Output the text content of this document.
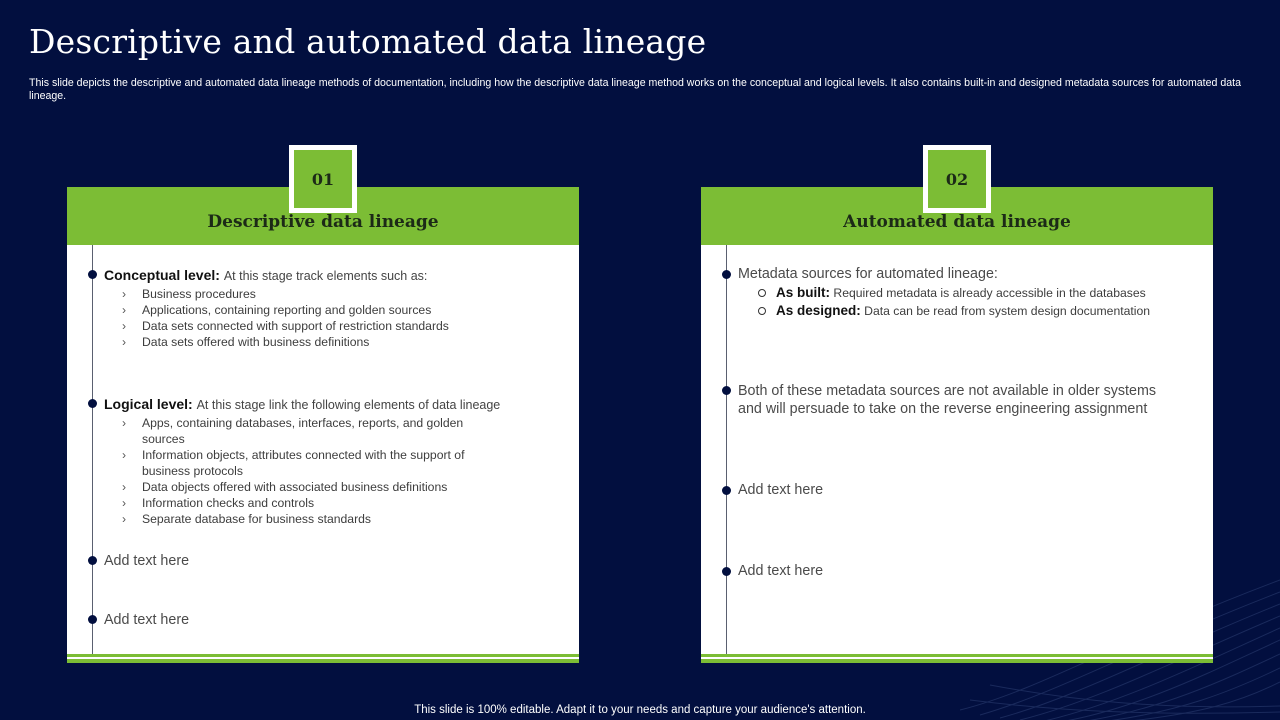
Descriptive and automated data lineage

This slide depicts the descriptive and automated data lineage methods of documentation, including how the descriptive data lineage method works on the conceptual and logical levels. It also contains built-in and designed metadata sources for automated data lineage.

01
Descriptive data lineage
Conceptual level: At this stage track elements such as:
› Business procedures
› Applications, containing reporting and golden sources
› Data sets connected with support of restriction standards
› Data sets offered with business definitions
Logical level: At this stage link the following elements of data lineage
› Apps, containing databases, interfaces, reports, and golden sources
› Information objects, attributes connected with the support of business protocols
› Data objects offered with associated business definitions
› Information checks and controls
› Separate database for business standards
Add text here
Add text here
02
Automated data lineage
Metadata sources for automated lineage:
As built: Required metadata is already accessible in the databases
As designed: Data can be read from system design documentation
Both of these metadata sources are not available in older systems and will persuade to take on the reverse engineering assignment
Add text here
Add text here
This slide is 100% editable. Adapt it to your needs and capture your audience's attention.
